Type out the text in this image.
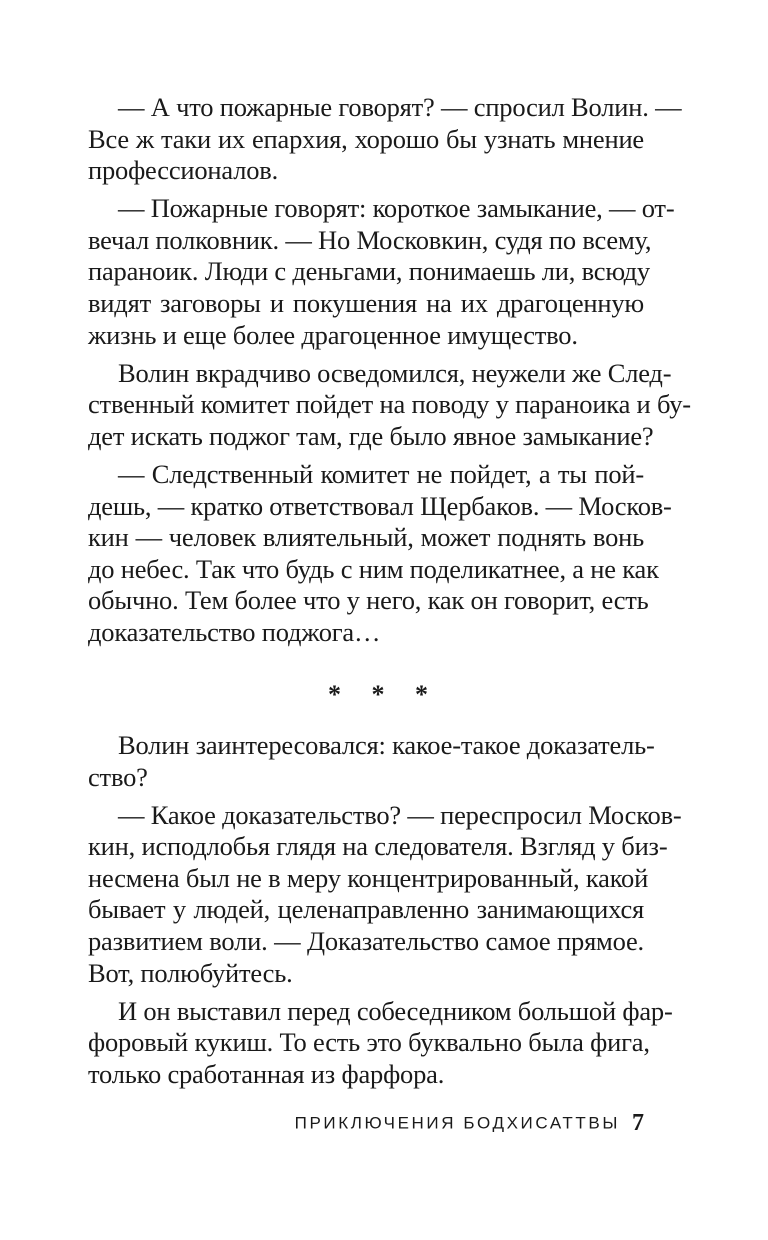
— А что пожарные говорят? — спросил Волин. —
Все ж таки их епархия, хорошо бы узнать мнение
профессионалов.
— Пожарные говорят: короткое замыкание, — от-
вечал полковник. — Но Московкин, судя по всему,
параноик. Люди с деньгами, понимаешь ли, всюду
видят заговоры и покушения на их драгоценную
жизнь и еще более драгоценное имущество.
Волин вкрадчиво осведомился, неужели же След-
ственный комитет пойдет на поводу у параноика и бу-
дет искать поджог там, где было явное замыкание?
— Следственный комитет не пойдет, а ты пой-
дешь, — кратко ответствовал Щербаков. — Москов-
кин — человек влиятельный, может поднять вонь
до небес. Так что будь с ним поделикатнее, а не как
обычно. Тем более что у него, как он говорит, есть
доказательство поджога…
* * *
Волин заинтересовался: какое-такое доказатель-
ство?
— Какое доказательство? — переспросил Москов-
кин, исподлобья глядя на следователя. Взгляд у биз-
несмена был не в меру концентрированный, какой
бывает у людей, целенаправленно занимающихся
развитием воли. — Доказательство самое прямое.
Вот, полюбуйтесь.
И он выставил перед собеседником большой фар-
форовый кукиш. То есть это буквально была фига,
только сработанная из фарфора.
ПРИКЛЮЧЕНИЯ БОДХИСАТТВЫ 7
